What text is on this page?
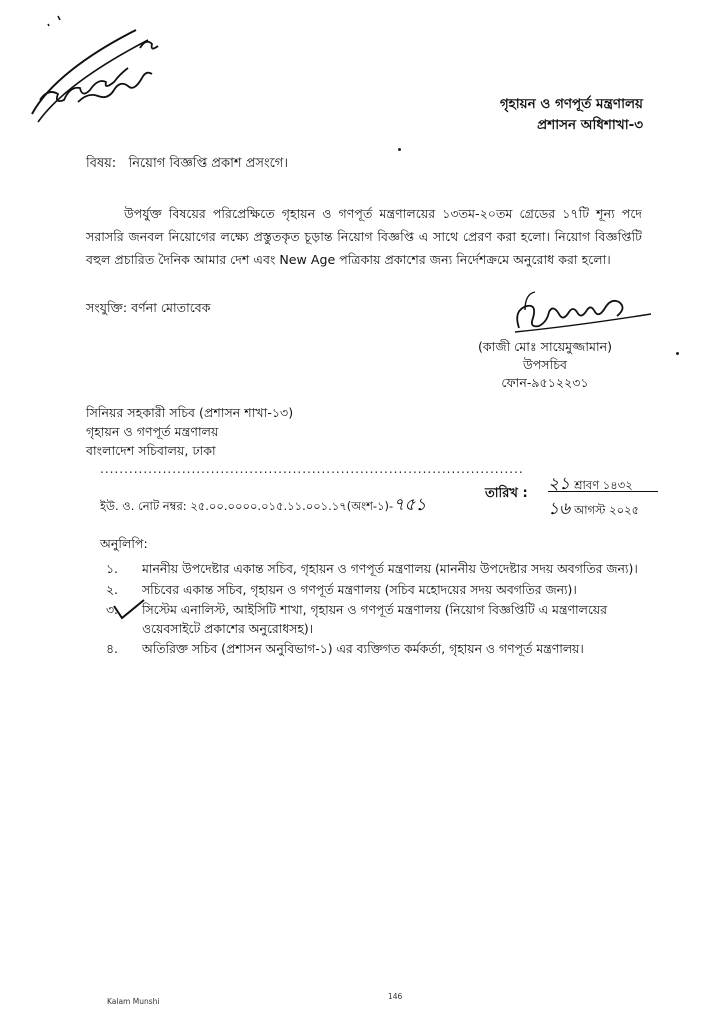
গৃহায়ন ও গণপূর্ত মন্ত্রণালয়
প্রশাসন অধিশাখা-৩
বিষয়: নিয়োগ বিজ্ঞপ্তি প্রকাশ প্রসংগে।
উপর্যুক্ত বিষয়ের পরিপ্রেক্ষিতে গৃহায়ন ও গণপূর্ত মন্ত্রণালয়ের ১৩তম-২০তম গ্রেডের ১৭টি শূন্য পদে সরাসরি জনবল নিয়োগের লক্ষ্যে প্রস্তুতকৃত চূড়ান্ত নিয়োগ বিজ্ঞপ্তি এ সাথে প্রেরণ করা হলো। নিয়োগ বিজ্ঞপ্তিটি বহুল প্রচারিত দৈনিক আমার দেশ এবং New Age পত্রিকায় প্রকাশের জন্য নির্দেশক্রমে অনুরোধ করা হলো।
সংযুক্তি: বর্ণনা মোতাবেক
(কাজী মোঃ সায়েমুজ্জামান)
উপসচিব
ফোন-৯৫১২২৩১
সিনিয়র সহকারী সচিব (প্রশাসন শাখা-১৩)
গৃহায়ন ও গণপূর্ত মন্ত্রণালয়
বাংলাদেশ সচিবালয়, ঢাকা
........................................................................................
ইউ. ও. নোট নম্বর: ২৫.০০.০০০০.০১৫.১১.০০১.১৭(অংশ-১)-৭৫১
তারিখ : ২১ শ্রাবণ ১৪৩২
১৬ আগস্ট ২০২৫
অনুলিপি:
১.	মাননীয় উপদেষ্টার একান্ত সচিব, গৃহায়ন ও গণপূর্ত মন্ত্রণালয় (মাননীয় উপদেষ্টার সদয় অবগতির জন্য)।
২.	সচিবের একান্ত সচিব, গৃহায়ন ও গণপূর্ত মন্ত্রণালয় (সচিব মহোদয়ের সদয় অবগতির জন্য)।
৩.	সিস্টেম এনালিস্ট, আইসিটি শাখা, গৃহায়ন ও গণপূর্ত মন্ত্রণালয় (নিয়োগ বিজ্ঞপ্তিটি এ মন্ত্রণালয়ের ওয়েবসাইটে প্রকাশের অনুরোধসহ)।
৪.	অতিরিক্ত সচিব (প্রশাসন অনুবিভাগ-১) এর ব্যক্তিগত কর্মকর্তা, গৃহায়ন ও গণপূর্ত মন্ত্রণালয়।
Kalam Munshi
146
